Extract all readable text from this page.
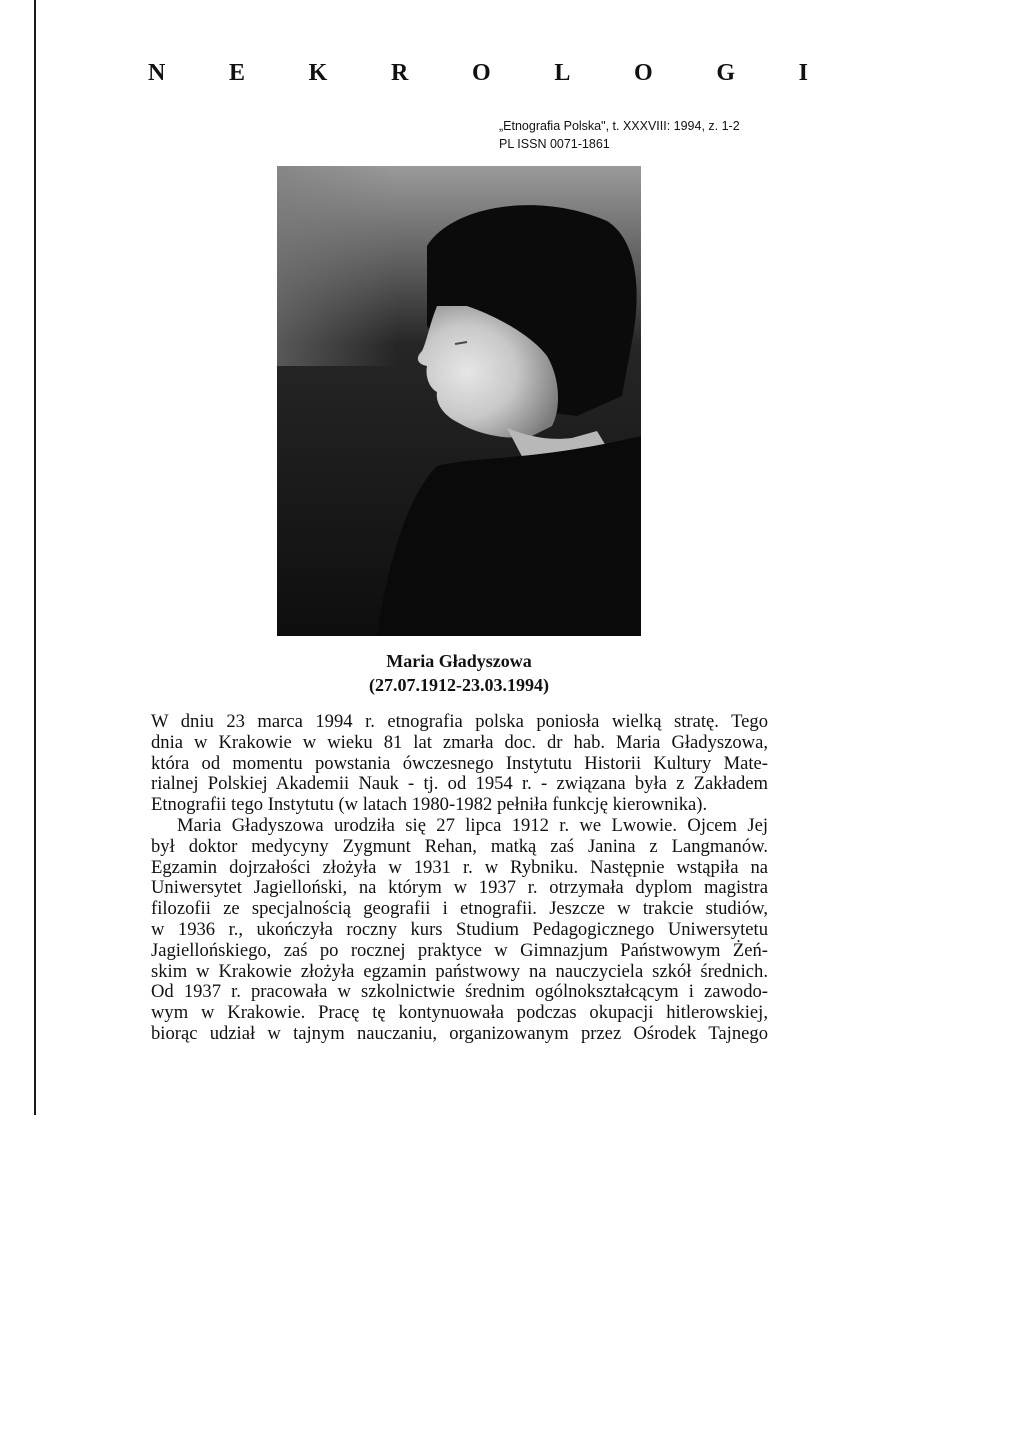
N	E	K	R	O	L	O	G	I
„Etnografia Polska", t. XXXVIII: 1994, z. 1-2
PL ISSN 0071-1861
Maria Gładyszowa
(27.07.1912-23.03.1994)
W dniu 23 marca 1994 r. etnografia polska poniosła wielką stratę. Tego
dnia w Krakowie w wieku 81 lat zmarła doc. dr hab. Maria Gładyszowa,
która od momentu powstania ówczesnego Instytutu Historii Kultury Mate-
rialnej Polskiej Akademii Nauk - tj. od 1954 r. - związana była z Zakładem
Etnografii tego Instytutu (w latach 1980-1982 pełniła funkcję kierownika).
Maria Gładyszowa urodziła się 27 lipca 1912 r. we Lwowie. Ojcem Jej
był doktor medycyny Zygmunt Rehan, matką zaś Janina z Langmanów.
Egzamin dojrzałości złożyła w 1931 r. w Rybniku. Następnie wstąpiła na
Uniwersytet Jagielloński, na którym w 1937 r. otrzymała dyplom magistra
filozofii ze specjalnością geografii i etnografii. Jeszcze w trakcie studiów,
w 1936 r., ukończyła roczny kurs Studium Pedagogicznego Uniwersytetu
Jagiellońskiego, zaś po rocznej praktyce w Gimnazjum Państwowym Żeń-
skim w Krakowie złożyła egzamin państwowy na nauczyciela szkół średnich.
Od 1937 r. pracowała w szkolnictwie średnim ogólnokształcącym i zawodo-
wym w Krakowie. Pracę tę kontynuowała podczas okupacji hitlerowskiej,
biorąc udział w tajnym nauczaniu, organizowanym przez Ośrodek Tajnego
